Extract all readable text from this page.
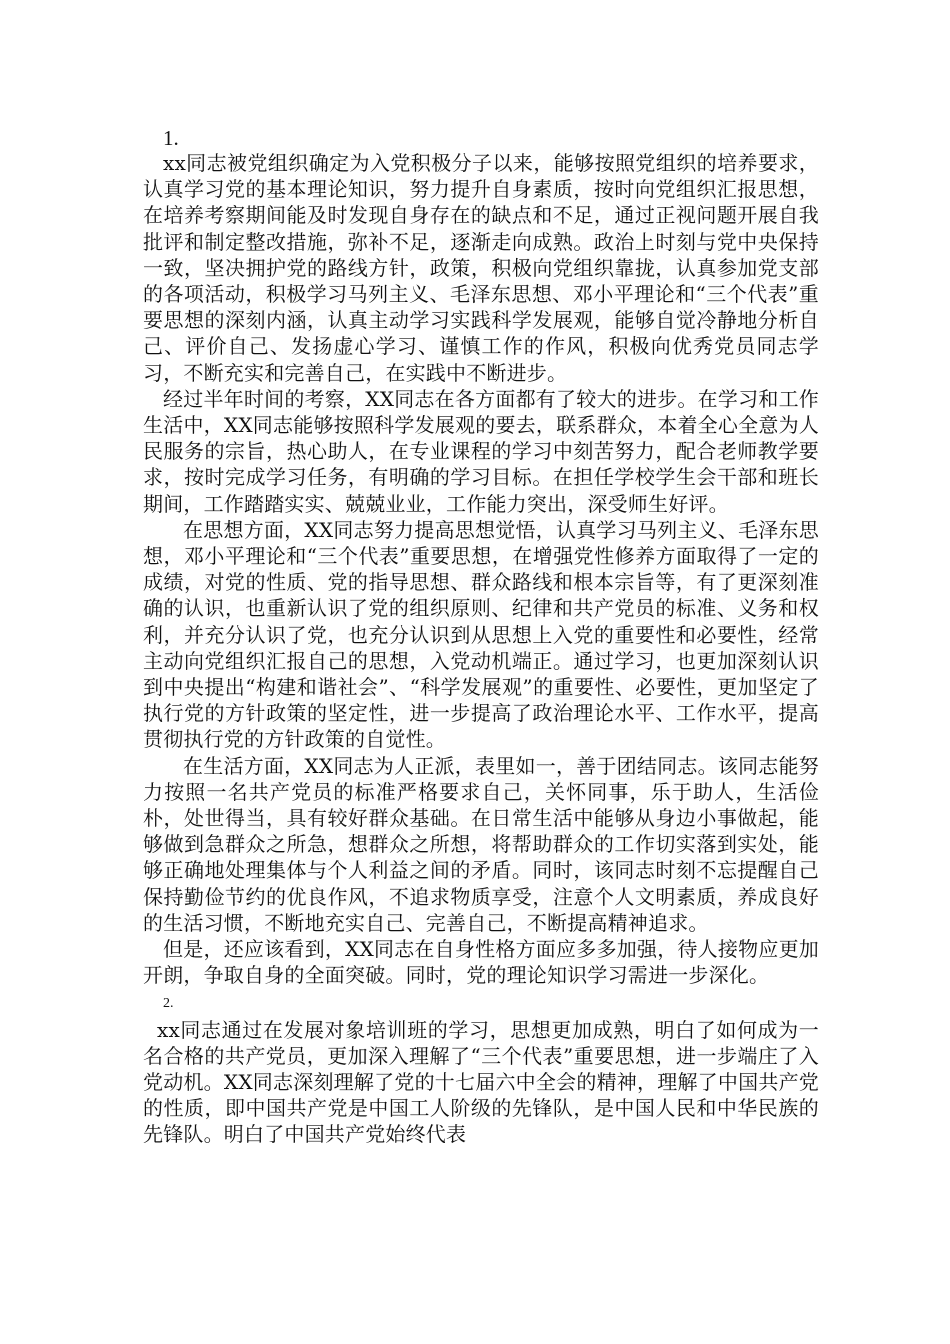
1.

xx同志被党组织确定为入党积极分子以来，能够按照党组织的培养要求，认真学习党的基本理论知识，努力提升自身素质，按时向党组织汇报思想，在培养考察期间能及时发现自身存在的缺点和不足，通过正视问题开展自我批评和制定整改措施，弥补不足，逐渐走向成熟。政治上时刻与党中央保持一致，坚决拥护党的路线方针，政策，积极向党组织靠拢，认真参加党支部的各项活动，积极学习马列主义、毛泽东思想、邓小平理论和“三个代表”重要思想的深刻内涵，认真主动学习实践科学发展观，能够自觉冷静地分析自己、评价自己、发扬虚心学习、谨慎工作的作风，积极向优秀党员同志学习，不断充实和完善自己，在实践中不断进步。

经过半年时间的考察，XX同志在各方面都有了较大的进步。在学习和工作生活中，XX同志能够按照科学发展观的要去，联系群众，本着全心全意为人民服务的宗旨，热心助人，在专业课程的学习中刻苦努力，配合老师教学要求，按时完成学习任务，有明确的学习目标。在担任学校学生会干部和班长期间，工作踏踏实实、兢兢业业，工作能力突出，深受师生好评。

在思想方面，XX同志努力提高思想觉悟，认真学习马列主义、毛泽东思想，邓小平理论和“三个代表”重要思想，在增强党性修养方面取得了一定的成绩，对党的性质、党的指导思想、群众路线和根本宗旨等，有了更深刻准确的认识，也重新认识了党的组织原则、纪律和共产党员的标准、义务和权利，并充分认识了党，也充分认识到从思想上入党的重要性和必要性，经常主动向党组织汇报自己的思想，入党动机端正。通过学习，也更加深刻认识到中央提出“构建和谐社会”、“科学发展观”的重要性、必要性，更加坚定了执行党的方针政策的坚定性，进一步提高了政治理论水平、工作水平，提高贯彻执行党的方针政策的自觉性。

在生活方面，XX同志为人正派，表里如一，善于团结同志。该同志能努力按照一名共产党员的标准严格要求自己，关怀同事，乐于助人，生活俭朴，处世得当，具有较好群众基础。在日常生活中能够从身边小事做起，能够做到急群众之所急，想群众之所想，将帮助群众的工作切实落到实处，能够正确地处理集体与个人利益之间的矛盾。同时，该同志时刻不忘提醒自己保持勤俭节约的优良作风，不追求物质享受，注意个人文明素质，养成良好的生活习惯，不断地充实自己、完善自己，不断提高精神追求。

但是，还应该看到，XX同志在自身性格方面应多多加强，待人接物应更加开朗，争取自身的全面突破。同时，党的理论知识学习需进一步深化。

2.

xx同志通过在发展对象培训班的学习，思想更加成熟，明白了如何成为一名合格的共产党员，更加深入理解了“三个代表”重要思想，进一步端庄了入党动机。XX同志深刻理解了党的十七届六中全会的精神，理解了中国共产党的性质，即中国共产党是中国工人阶级的先锋队，是中国人民和中华民族的先锋队。明白了中国共产党始终代表
